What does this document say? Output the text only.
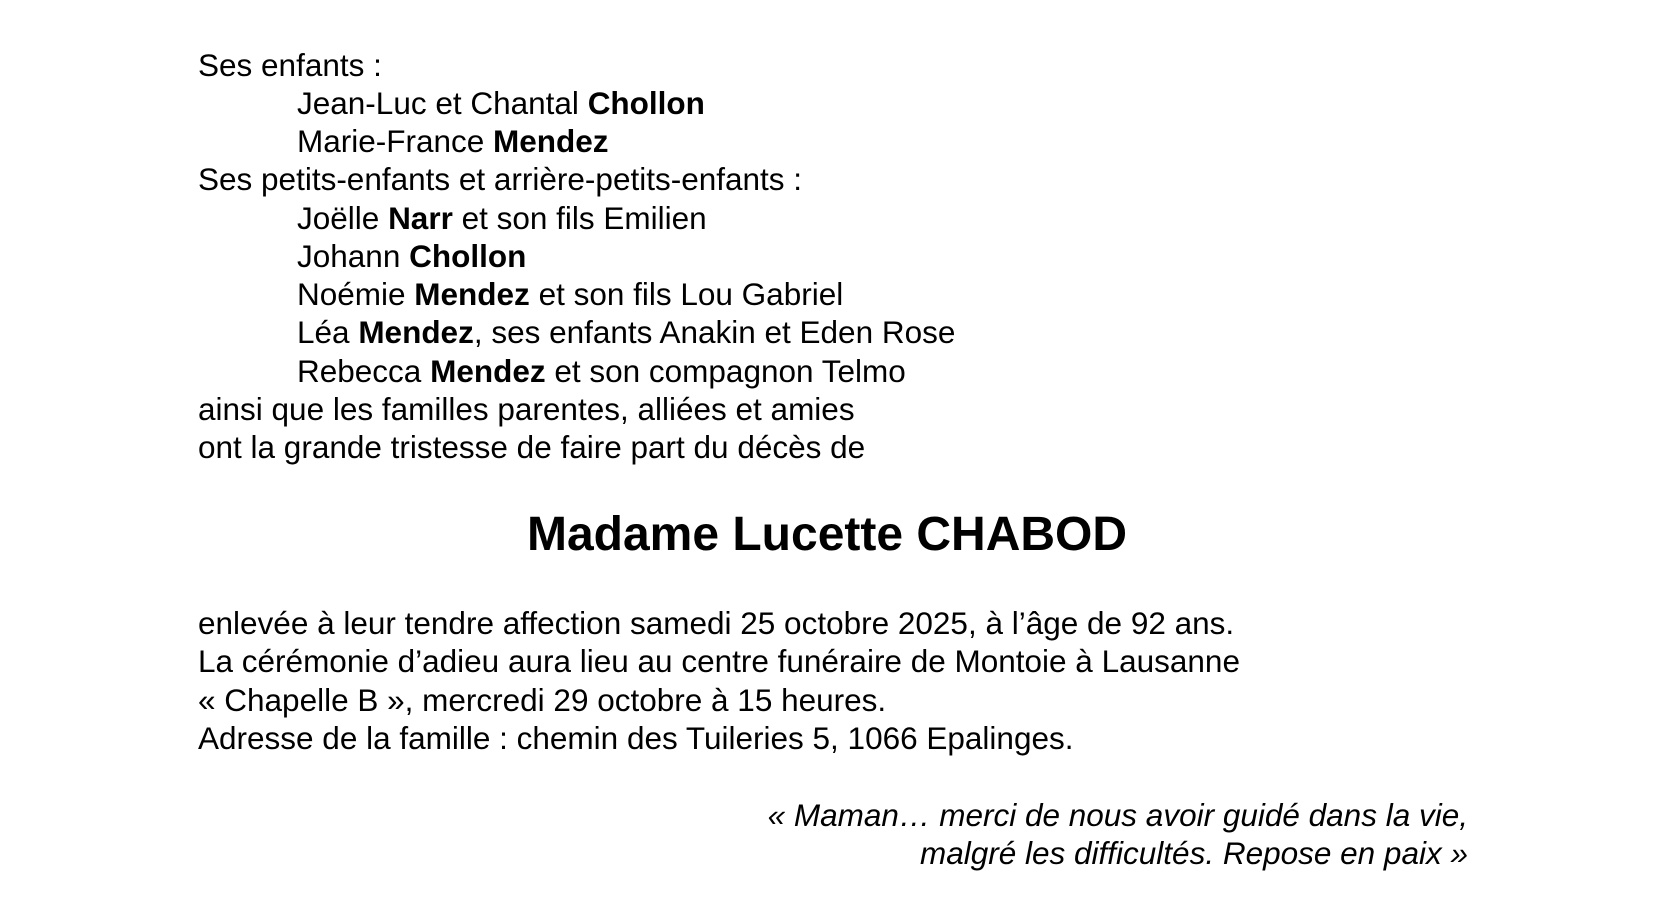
Ses enfants :
Jean-Luc et Chantal Chollon
Marie-France Mendez
Ses petits-enfants et arrière-petits-enfants :
Joëlle Narr et son fils Emilien
Johann Chollon
Noémie Mendez et son fils Lou Gabriel
Léa Mendez, ses enfants Anakin et Eden Rose
Rebecca Mendez et son compagnon Telmo
ainsi que les familles parentes, alliées et amies
ont la grande tristesse de faire part du décès de
Madame Lucette CHABOD
enlevée à leur tendre affection samedi 25 octobre 2025, à l’âge de 92 ans.
La cérémonie d’adieu aura lieu au centre funéraire de Montoie à Lausanne
« Chapelle B », mercredi 29 octobre à 15 heures.
Adresse de la famille : chemin des Tuileries 5, 1066 Epalinges.
« Maman… merci de nous avoir guidé dans la vie,
malgré les difficultés. Repose en paix »
